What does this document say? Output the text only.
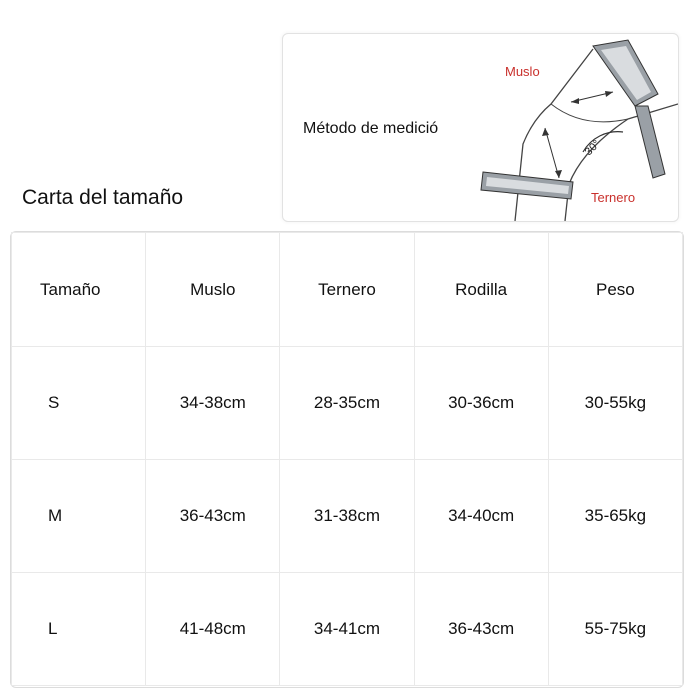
30°
Método de medició
Muslo
Ternero
Carta del tamaño
Tamaño	Muslo	Ternero	Rodilla	Peso
S	34-38cm	28-35cm	30-36cm	30-55kg
M	36-43cm	31-38cm	34-40cm	35-65kg
L	41-48cm	34-41cm	36-43cm	55-75kg
